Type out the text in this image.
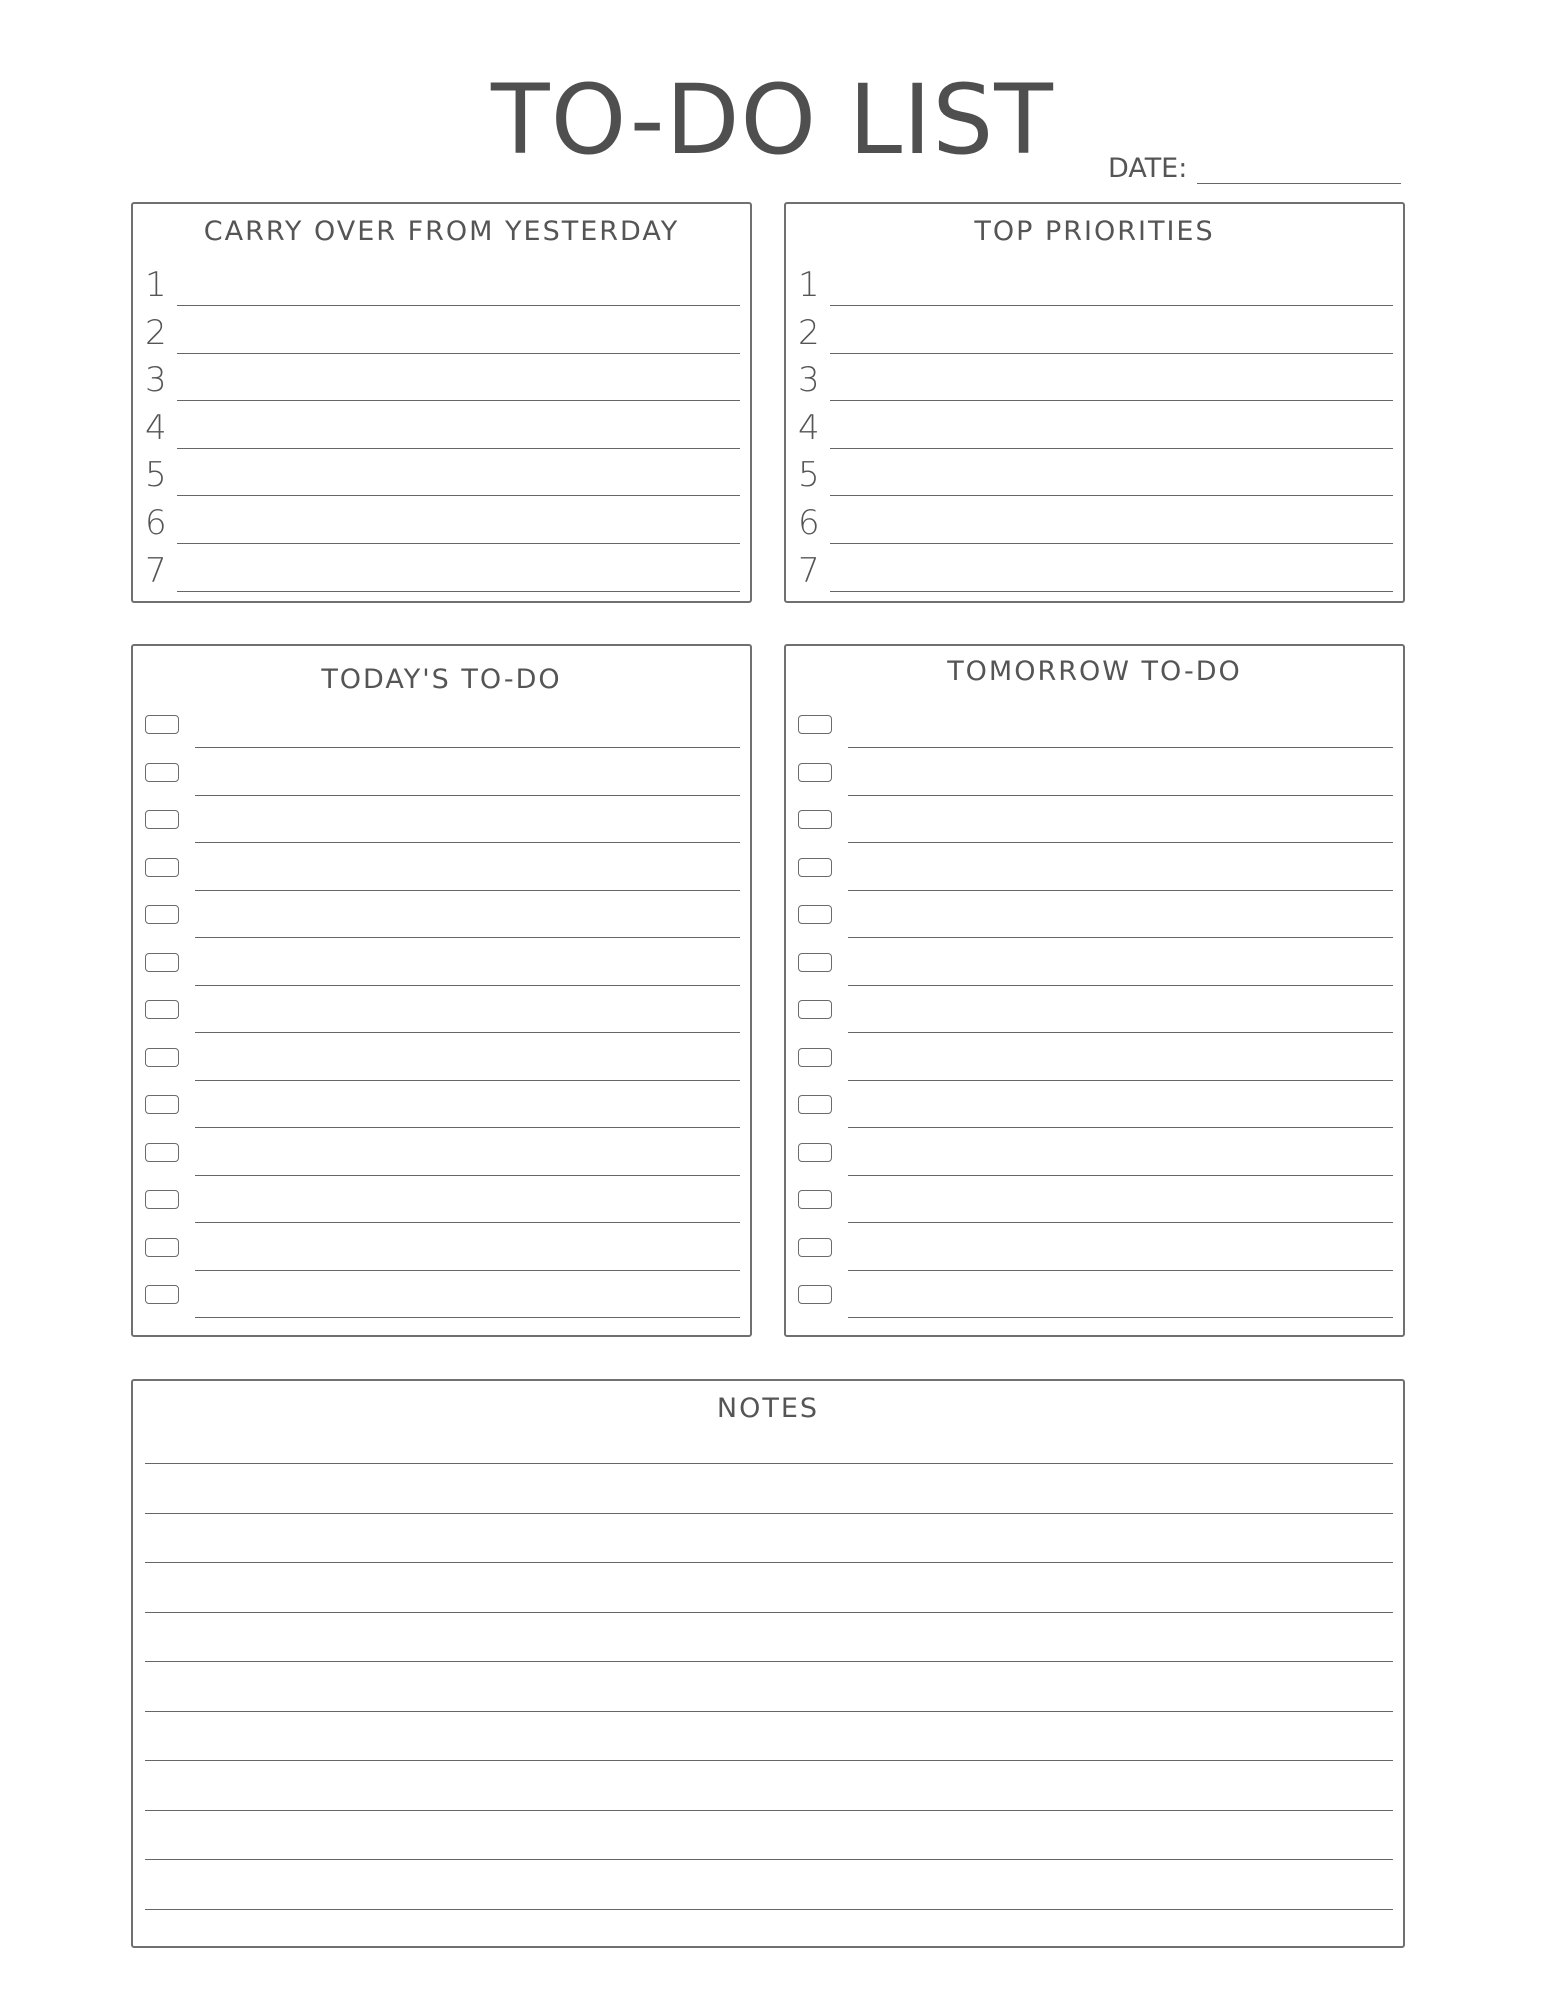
TO-DO LIST	DATE:
CARRY OVER FROM YESTERDAY
1
2
3
4
5
6
7
TOP PRIORITIES
1
2
3
4
5
6
7
TODAY'S TO-DO	TOMORROW TO-DO
NOTES
